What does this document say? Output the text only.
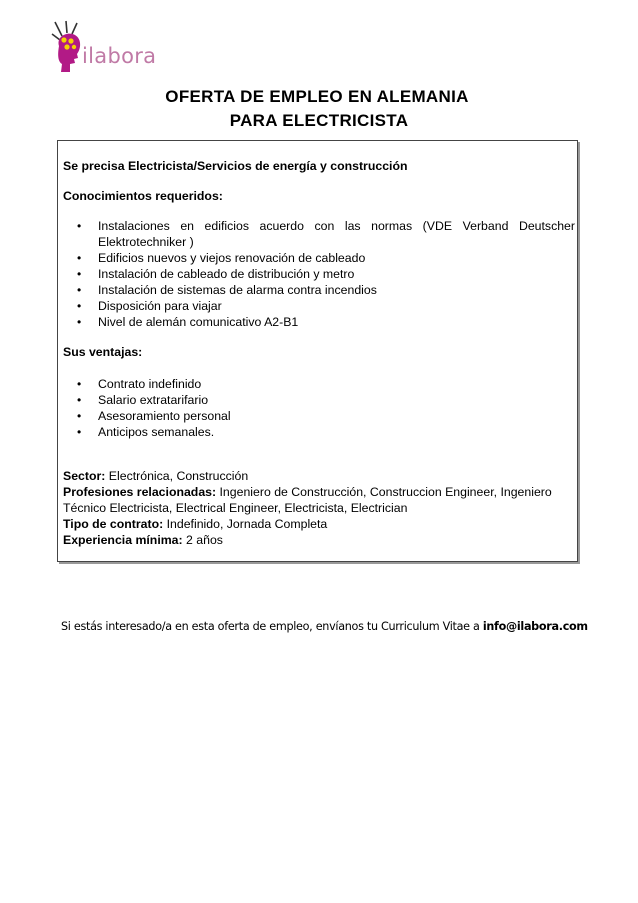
ilabora
OFERTA DE EMPLEO EN ALEMANIA
PARA ELECTRICISTA

Se precisa Electricista/Servicios de energía y construcción

Conocimientos requeridos:

• Instalaciones en edificios acuerdo con las normas (VDE Verband Deutscher Elektrotechniker )
• Edificios nuevos y viejos renovación de cableado
• Instalación de cableado de distribución y metro
• Instalación de sistemas de alarma contra incendios
• Disposición para viajar
• Nivel de alemán comunicativo A2-B1

Sus ventajas:

• Contrato indefinido
• Salario extratarifario
• Asesoramiento personal
• Anticipos semanales.

Sector: Electrónica, Construcción

Profesiones relacionadas: Ingeniero de Construcción, Construccion Engineer, Ingeniero Técnico Electricista, Electrical Engineer, Electricista, Electrician

Tipo de contrato: Indefinido, Jornada Completa

Experiencia mínima: 2 años

Si estás interesado/a en esta oferta de empleo, envíanos tu Curriculum Vitae a info@ilabora.com
